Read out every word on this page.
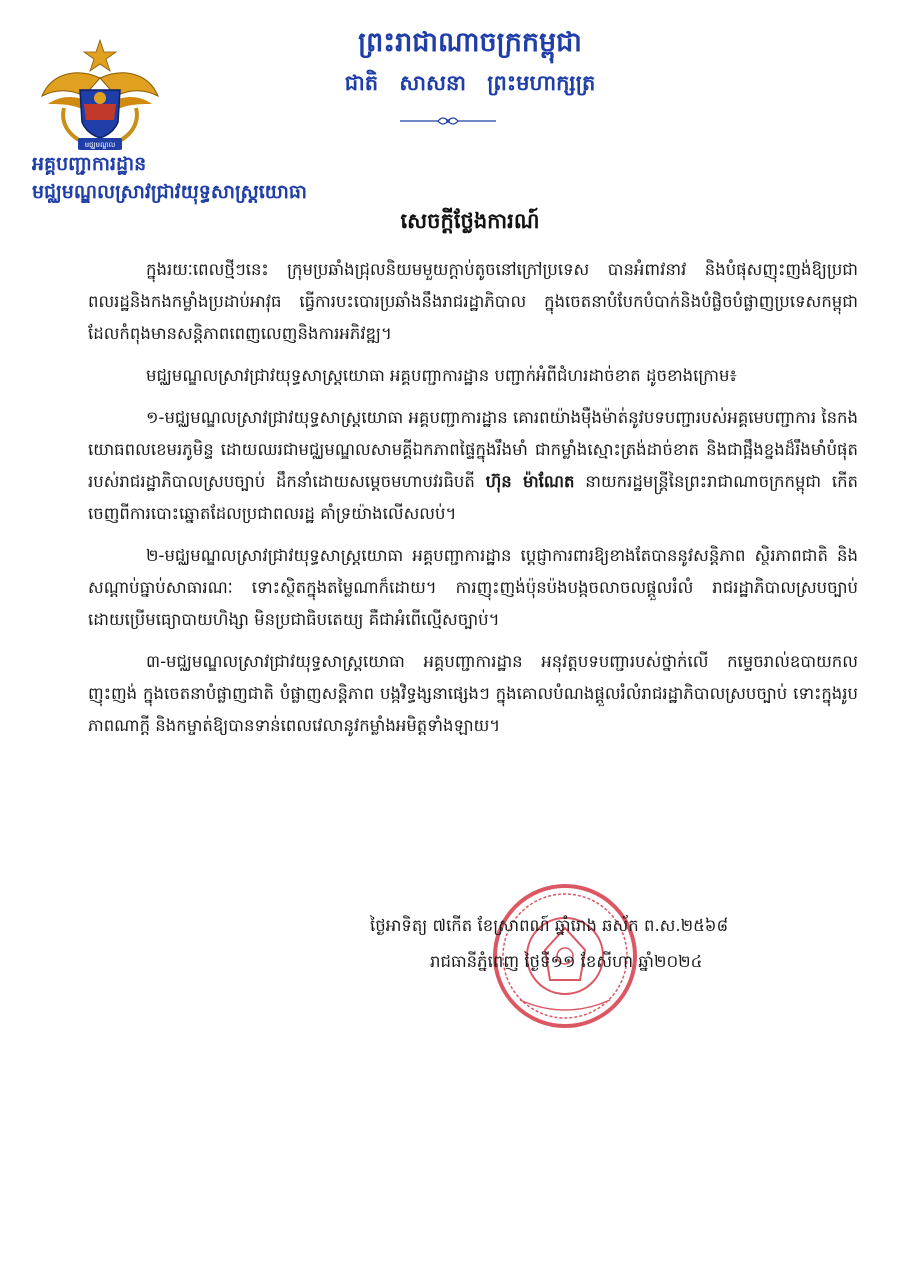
ព្រះរាជាណាចក្រកម្ពុជា
ជាតិ សាសនា ព្រះមហាក្សត្រ
មជ្ឈមណ្ឌល
អគ្គបញ្ជាការដ្ឋាន
មជ្ឈមណ្ឌលស្រាវជ្រាវយុទ្ធសាស្ត្រយោធា
សេចក្ដីថ្លែងការណ៍

ក្នុងរយៈពេលថ្មីៗនេះ ក្រុមប្រឆាំងជ្រុលនិយមមួយក្ដាប់តូចនៅក្រៅប្រទេស បានអំពាវនាវ និងបំផុសញុះញង់ឱ្យប្រជាពលរដ្ឋនិងកងកម្លាំងប្រដាប់អាវុធ ធ្វើការបះបោរប្រឆាំងនឹងរាជរដ្ឋាភិបាល ក្នុងចេតនាបំបែកបំបាក់និងបំផ្លិចបំផ្លាញប្រទេសកម្ពុជា ដែលកំពុងមានសន្តិភាពពេញលេញនិងការអភិវឌ្ឍ។

មជ្ឈមណ្ឌលស្រាវជ្រាវយុទ្ធសាស្ត្រយោធា អគ្គបញ្ជាការដ្ឋាន បញ្ជាក់អំពីជំហរដាច់ខាត ដូចខាងក្រោម៖

១-មជ្ឈមណ្ឌលស្រាវជ្រាវយុទ្ធសាស្ត្រយោធា អគ្គបញ្ជាការដ្ឋាន គោរពយ៉ាងម៉ឺងម៉ាត់នូវបទបញ្ជារបស់អគ្គមេបញ្ជាការ នៃកងយោធពលខេមរភូមិន្ទ ដោយឈរជាមជ្ឈមណ្ឌលសាមគ្គីឯកភាពផ្ទៃក្នុងរឹងមាំ ជាកម្លាំងស្មោះត្រង់ដាច់ខាត និងជាផ្អឹងខ្នងដ៏រឹងមាំបំផុតរបស់រាជរដ្ឋាភិបាលស្របច្បាប់ ដឹកនាំដោយសម្ដេចមហាបវរធិបតី ហ៊ុន ម៉ាណែត នាយករដ្ឋមន្ត្រីនៃព្រះរាជាណាចក្រកម្ពុជា កើតចេញពីការបោះឆ្នោតដែលប្រជាពលរដ្ឋ គាំទ្រយ៉ាងលើសលប់។

២-មជ្ឈមណ្ឌលស្រាវជ្រាវយុទ្ធសាស្ត្រយោធា អគ្គបញ្ជាការដ្ឋាន ប្ដេជ្ញាការពារឱ្យខាងតែបាននូវសន្តិភាព ស្ថិរភាពជាតិ និងសណ្ដាប់ធ្នាប់សាធារណៈ ទោះស្ថិតក្នុងតម្លៃណាក៏ដោយ។ ការញុះញង់ប៉ុនប៉ងបង្កចលាចលផ្ដួលរំលំ រាជរដ្ឋាភិបាលស្របច្បាប់ ដោយប្រើមធ្យោបាយហិង្សា មិនប្រជាធិបតេយ្យ គឺជាអំពើល្មើសច្បាប់។

៣-មជ្ឈមណ្ឌលស្រាវជ្រាវយុទ្ធសាស្ត្រយោធា អគ្គបញ្ជាការដ្ឋាន អនុវត្តបទបញ្ជារបស់ថ្នាក់លើ កម្ទេចរាល់ឧបាយកលញុះញង់ ក្នុងចេតនាបំផ្លាញជាតិ បំផ្លាញសន្តិភាព បង្កវិទ្ធង្សនាផ្សេងៗ ក្នុងគោលបំណងផ្ដួលរំលំរាជរដ្ឋាភិបាលស្របច្បាប់ ទោះក្នុងរូបភាពណាក្ដី និងកម្ចាត់ឱ្យបានទាន់ពេលវេលានូវកម្លាំងអមិត្តទាំងឡាយ។

ថ្ងៃអាទិត្យ ៧កើត ខែស្រាពណ៍ ឆ្នាំរោង ឆស័ក ព.ស.២៥៦៨
រាជធានីភ្នំពេញ ថ្ងៃទី១១ ខែសីហា ឆ្នាំ២០២៤
